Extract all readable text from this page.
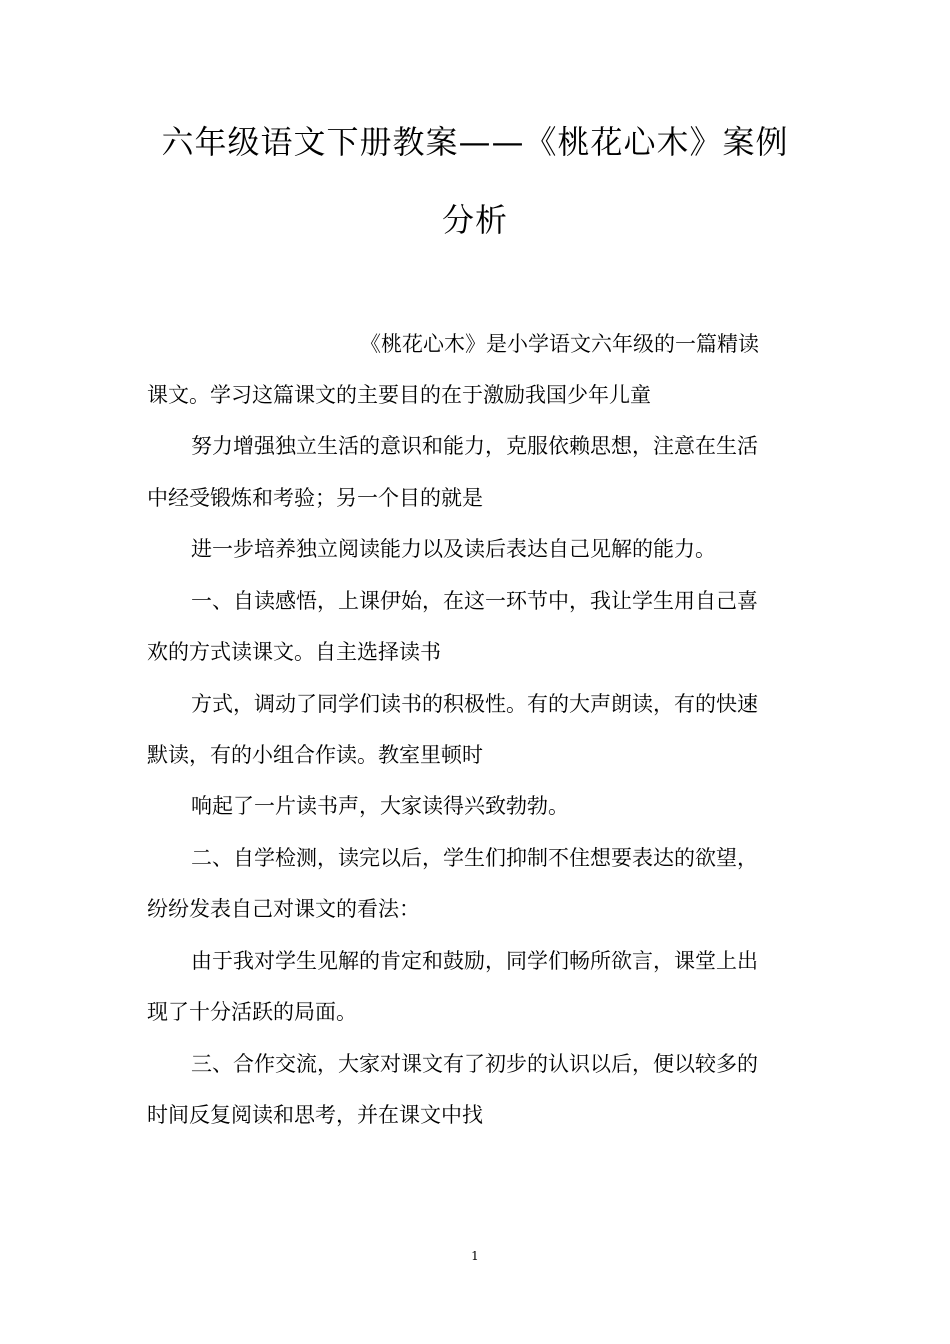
六年级语文下册教案——《桃花心木》案例
分析
《桃花心木》是小学语文六年级的一篇精读
课文。学习这篇课文的主要目的在于激励我国少年儿童
努力增强独立生活的意识和能力，克服依赖思想，注意在生活
中经受锻炼和考验；另一个目的就是
进一步培养独立阅读能力以及读后表达自己见解的能力。
一、自读感悟，上课伊始，在这一环节中，我让学生用自己喜
欢的方式读课文。自主选择读书
方式，调动了同学们读书的积极性。有的大声朗读，有的快速
默读，有的小组合作读。教室里顿时
响起了一片读书声，大家读得兴致勃勃。
二、自学检测，读完以后，学生们抑制不住想要表达的欲望，
纷纷发表自己对课文的看法：
由于我对学生见解的肯定和鼓励，同学们畅所欲言，课堂上出
现了十分活跃的局面。
三、合作交流，大家对课文有了初步的认识以后，便以较多的
时间反复阅读和思考，并在课文中找
1
